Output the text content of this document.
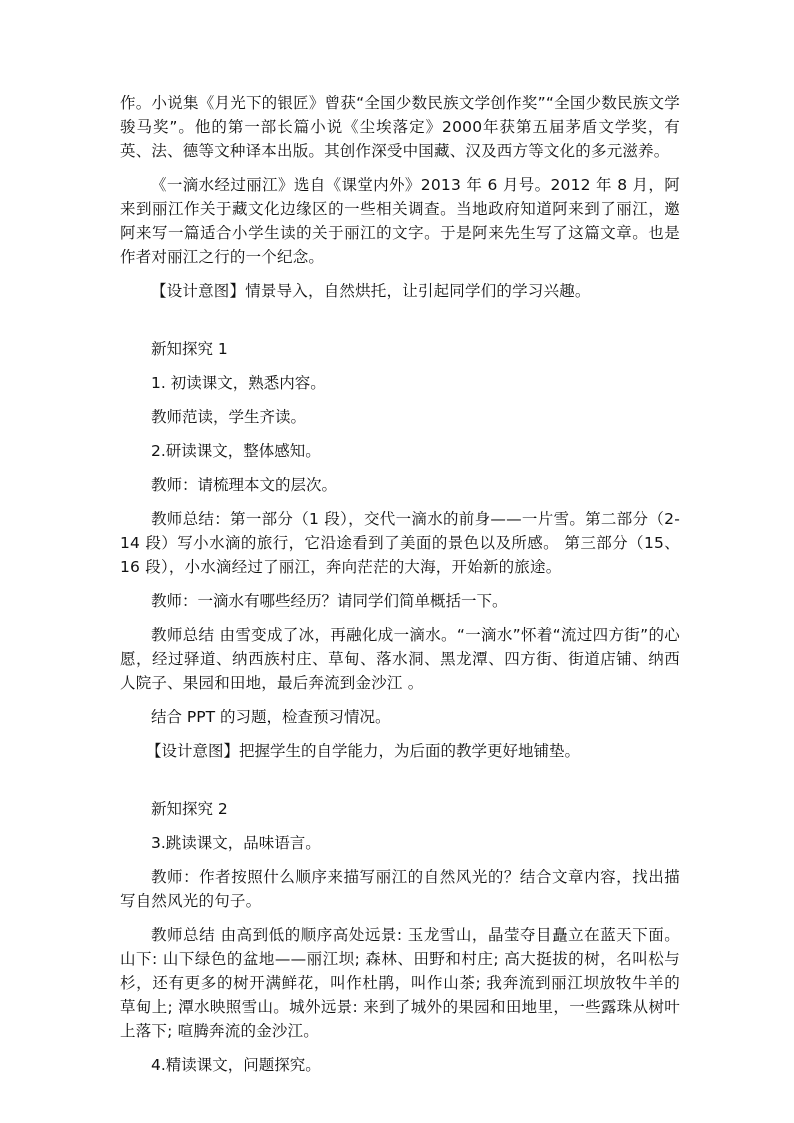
作。小说集《月光下的银匠》曾获“全国少数民族文学创作奖”“全国少数民族文学骏马奖”。他的第一部长篇小说《尘埃落定》2000年获第五届茅盾文学奖，有英、法、德等文种译本出版。其创作深受中国藏、汉及西方等文化的多元滋养。

《一滴水经过丽江》选自《课堂内外》2013 年 6 月号。2012 年 8 月，阿来到丽江作关于藏文化边缘区的一些相关调查。当地政府知道阿来到了丽江，邀阿来写一篇适合小学生读的关于丽江的文字。于是阿来先生写了这篇文章。也是作者对丽江之行的一个纪念。

【设计意图】情景导入，自然烘托，让引起同学们的学习兴趣。

新知探究 1

1. 初读课文，熟悉内容。

教师范读，学生齐读。

2.研读课文，整体感知。

教师：请梳理本文的层次。

教师总结：第一部分（1 段），交代一滴水的前身——一片雪。第二部分（2-14 段）写小水滴的旅行，它沿途看到了美面的景色以及所感。 第三部分（15、16 段），小水滴经过了丽江，奔向茫茫的大海，开始新的旅途。

教师：一滴水有哪些经历？请同学们简单概括一下。

教师总结 由雪变成了冰，再融化成一滴水。“一滴水”怀着“流过四方街”的心愿，经过驿道、纳西族村庄、草甸、落水洞、黑龙潭、四方街、街道店铺、纳西人院子、果园和田地，最后奔流到金沙江 。

结合 PPT 的习题，检查预习情况。

【设计意图】把握学生的自学能力，为后面的教学更好地铺垫。

新知探究 2

3.跳读课文，品味语言。

教师：作者按照什么顺序来描写丽江的自然风光的？结合文章内容，找出描写自然风光的句子。

教师总结 由高到低的顺序高处远景: 玉龙雪山，晶莹夺目矗立在蓝天下面。山下: 山下绿色的盆地——丽江坝; 森林、田野和村庄; 高大挺拔的树，名叫松与杉，还有更多的树开满鲜花，叫作杜鹃，叫作山茶; 我奔流到丽江坝放牧牛羊的草甸上; 潭水映照雪山。城外远景: 来到了城外的果园和田地里，一些露珠从树叶上落下; 喧腾奔流的金沙江。

4.精读课文，问题探究。
